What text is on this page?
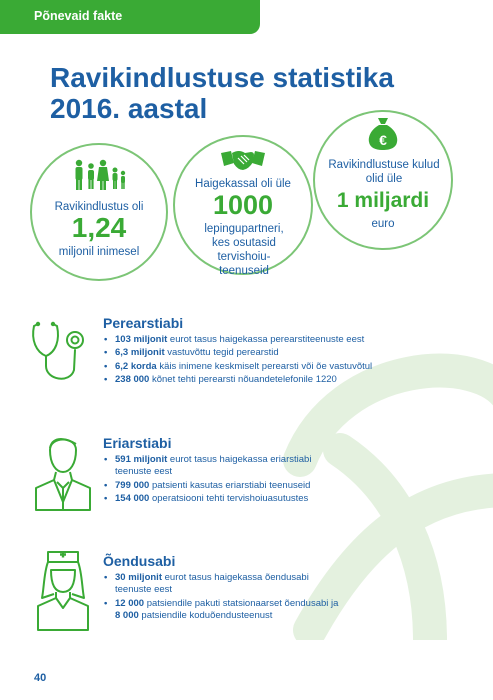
Põnevaid fakte
Ravikindlustuse statistika
2016. aastal
Ravikindlustus oli
1,24
miljonil inimesel
Haigekassal oli üle
1000
lepingupartneri, kes osutasid tervishoiu-teenuseid
€
Ravikindlustuse kulud olid üle
1 miljardi
euro
Perearstiabi
• 103 miljonit eurot tasus haigekassa perearstiteenuste eest
• 6,3 miljonit vastuvõttu tegid perearstid
• 6,2 korda käis inimene keskmiselt perearsti või õe vastuvõtul
• 238 000 kõnet tehti perearsti nõuandetelefonile 1220
Eriarstiabi
• 591 miljonit eurot tasus haigekassa eriarstiabi
teenuste eest
• 799 000 patsienti kasutas eriarstiabi teenuseid
• 154 000 operatsiooni tehti tervishoiuasutustes
Õendusabi
• 30 miljonit eurot tasus haigekassa õendusabi
teenuste eest
• 12 000 patsiendile pakuti statsionaarset õendusabi ja
8 000 patsiendile koduõendusteenust
40
